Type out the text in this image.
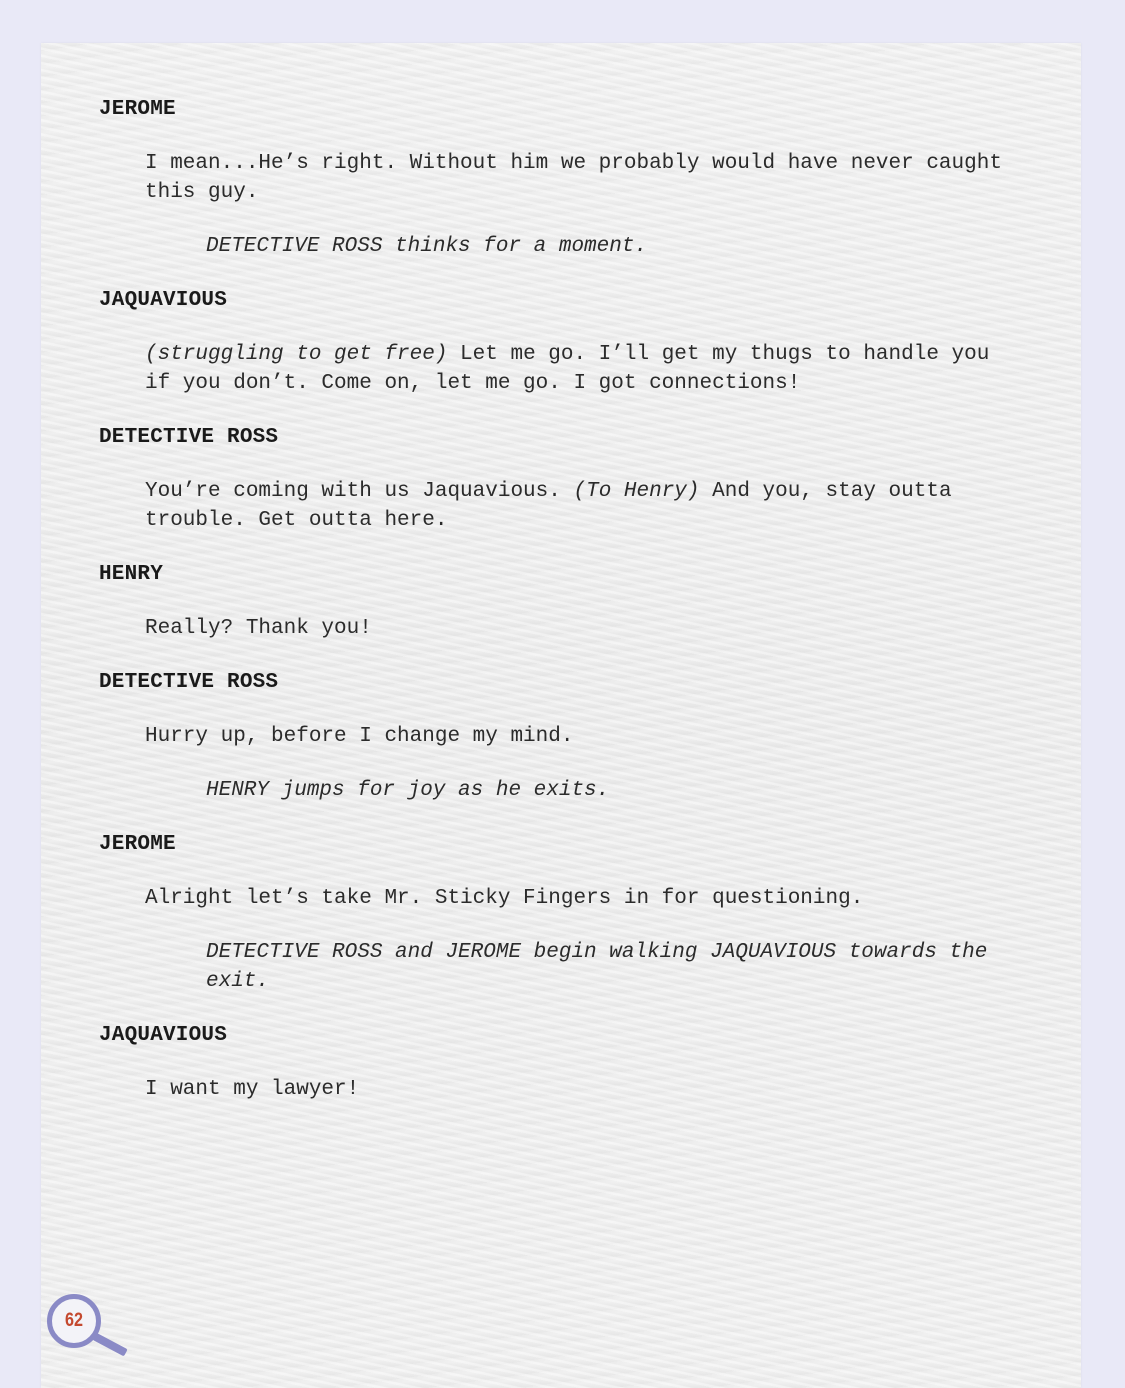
JEROME
I mean...He’s right. Without him we probably would have never caught this guy.
DETECTIVE ROSS thinks for a moment.
JAQUAVIOUS
(struggling to get free) Let me go. I’ll get my thugs to handle you if you don’t. Come on, let me go. I got connections!
DETECTIVE ROSS
You’re coming with us Jaquavious. (To Henry) And you, stay outta trouble. Get outta here.
HENRY
Really? Thank you!
DETECTIVE ROSS
Hurry up, before I change my mind.
HENRY jumps for joy as he exits.
JEROME
Alright let’s take Mr. Sticky Fingers in for questioning.
DETECTIVE ROSS and JEROME begin walking JAQUAVIOUS towards the exit.
JAQUAVIOUS
I want my lawyer!
62
